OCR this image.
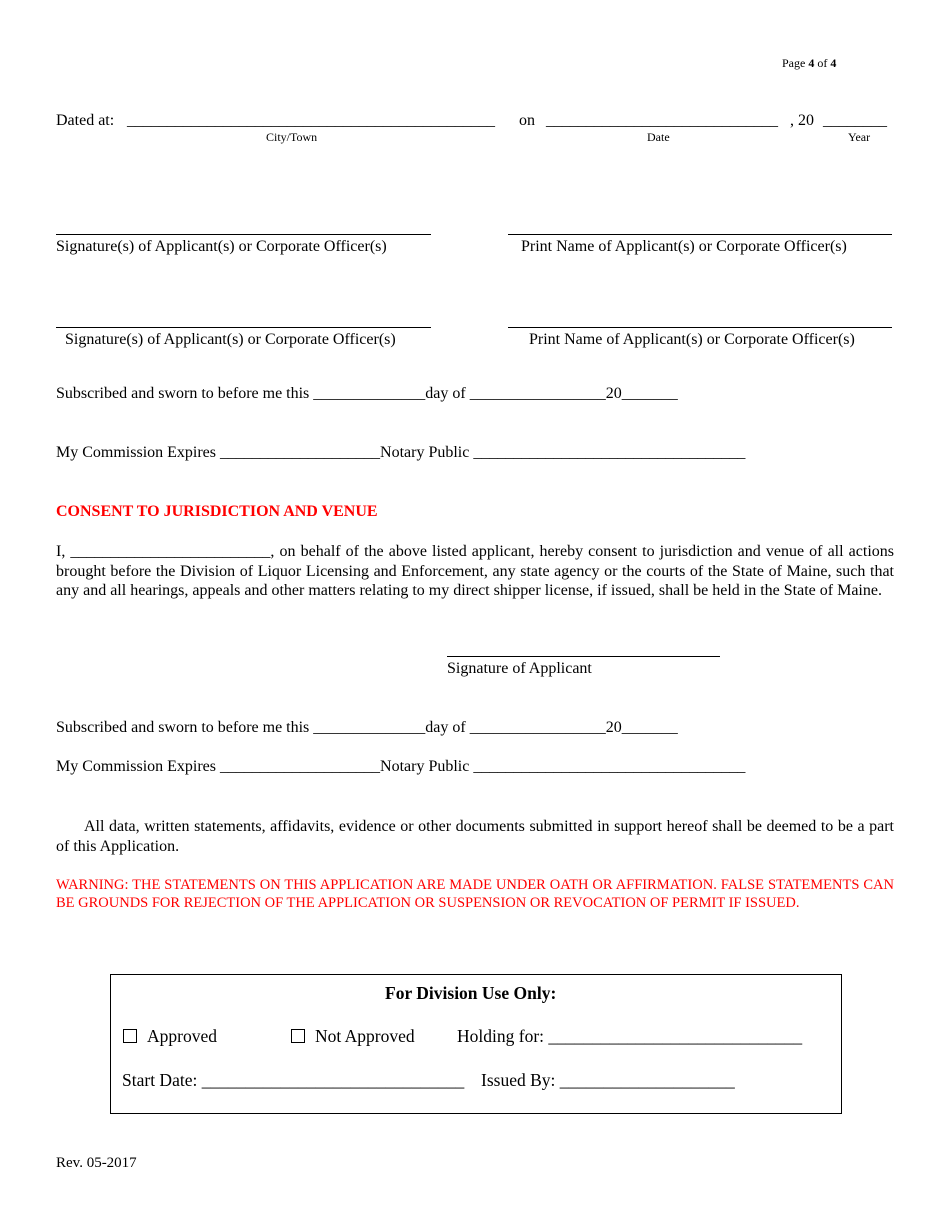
Page 4 of 4
Dated at: ______________________________________________ on _____________________________ , 20 ________
City/Town	Date	Year
Signature(s) of Applicant(s) or Corporate Officer(s)	Print Name of Applicant(s) or Corporate Officer(s)
Signature(s) of Applicant(s) or Corporate Officer(s)	Print Name of Applicant(s) or Corporate Officer(s)
Subscribed and sworn to before me this ______________day of _________________20_______
My Commission Expires ____________________Notary Public __________________________________
CONSENT TO JURISDICTION AND VENUE
I, _________________________, on behalf of the above listed applicant, hereby consent to jurisdiction and venue of all actions brought before the Division of Liquor Licensing and Enforcement, any state agency or the courts of the State of Maine, such that any and all hearings, appeals and other matters relating to my direct shipper license, if issued, shall be held in the State of Maine.
Signature of Applicant
Subscribed and sworn to before me this ______________day of _________________20_______
My Commission Expires ____________________Notary Public __________________________________
All data, written statements, affidavits, evidence or other documents submitted in support hereof shall be deemed to be a part of this Application.
WARNING: THE STATEMENTS ON THIS APPLICATION ARE MADE UNDER OATH OR AFFIRMATION. FALSE STATEMENTS CAN BE GROUNDS FOR REJECTION OF THE APPLICATION OR SUSPENSION OR REVOCATION OF PERMIT IF ISSUED.
For Division Use Only:
Approved	Not Approved Holding for: _____________________________
Start Date: ______________________________ Issued By: ____________________
Rev. 05-2017
